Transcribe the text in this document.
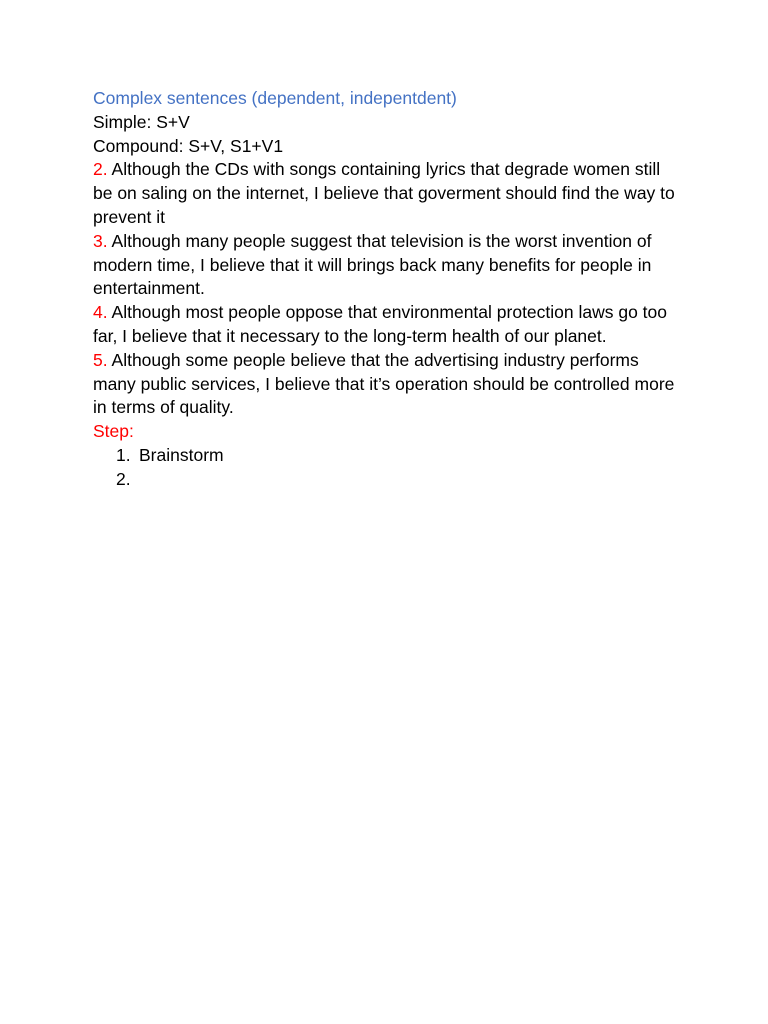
Complex sentences (dependent, indepentdent)

Simple: S+V

Compound: S+V, S1+V1

2. Although the CDs with songs containing lyrics that degrade women still be on saling on the internet, I believe that goverment should find the way to prevent it

3. Although many people suggest that television is the worst invention of modern time, I believe that it will brings back many benefits for people in entertainment.

4. Although most people oppose that environmental protection laws go too far, I believe that it necessary to the long-term health of our planet.

5. Although some people believe that the advertising industry performs many public services, I believe that it’s operation should be controlled more in terms of quality.

Step:

1. Brainstorm
2.
